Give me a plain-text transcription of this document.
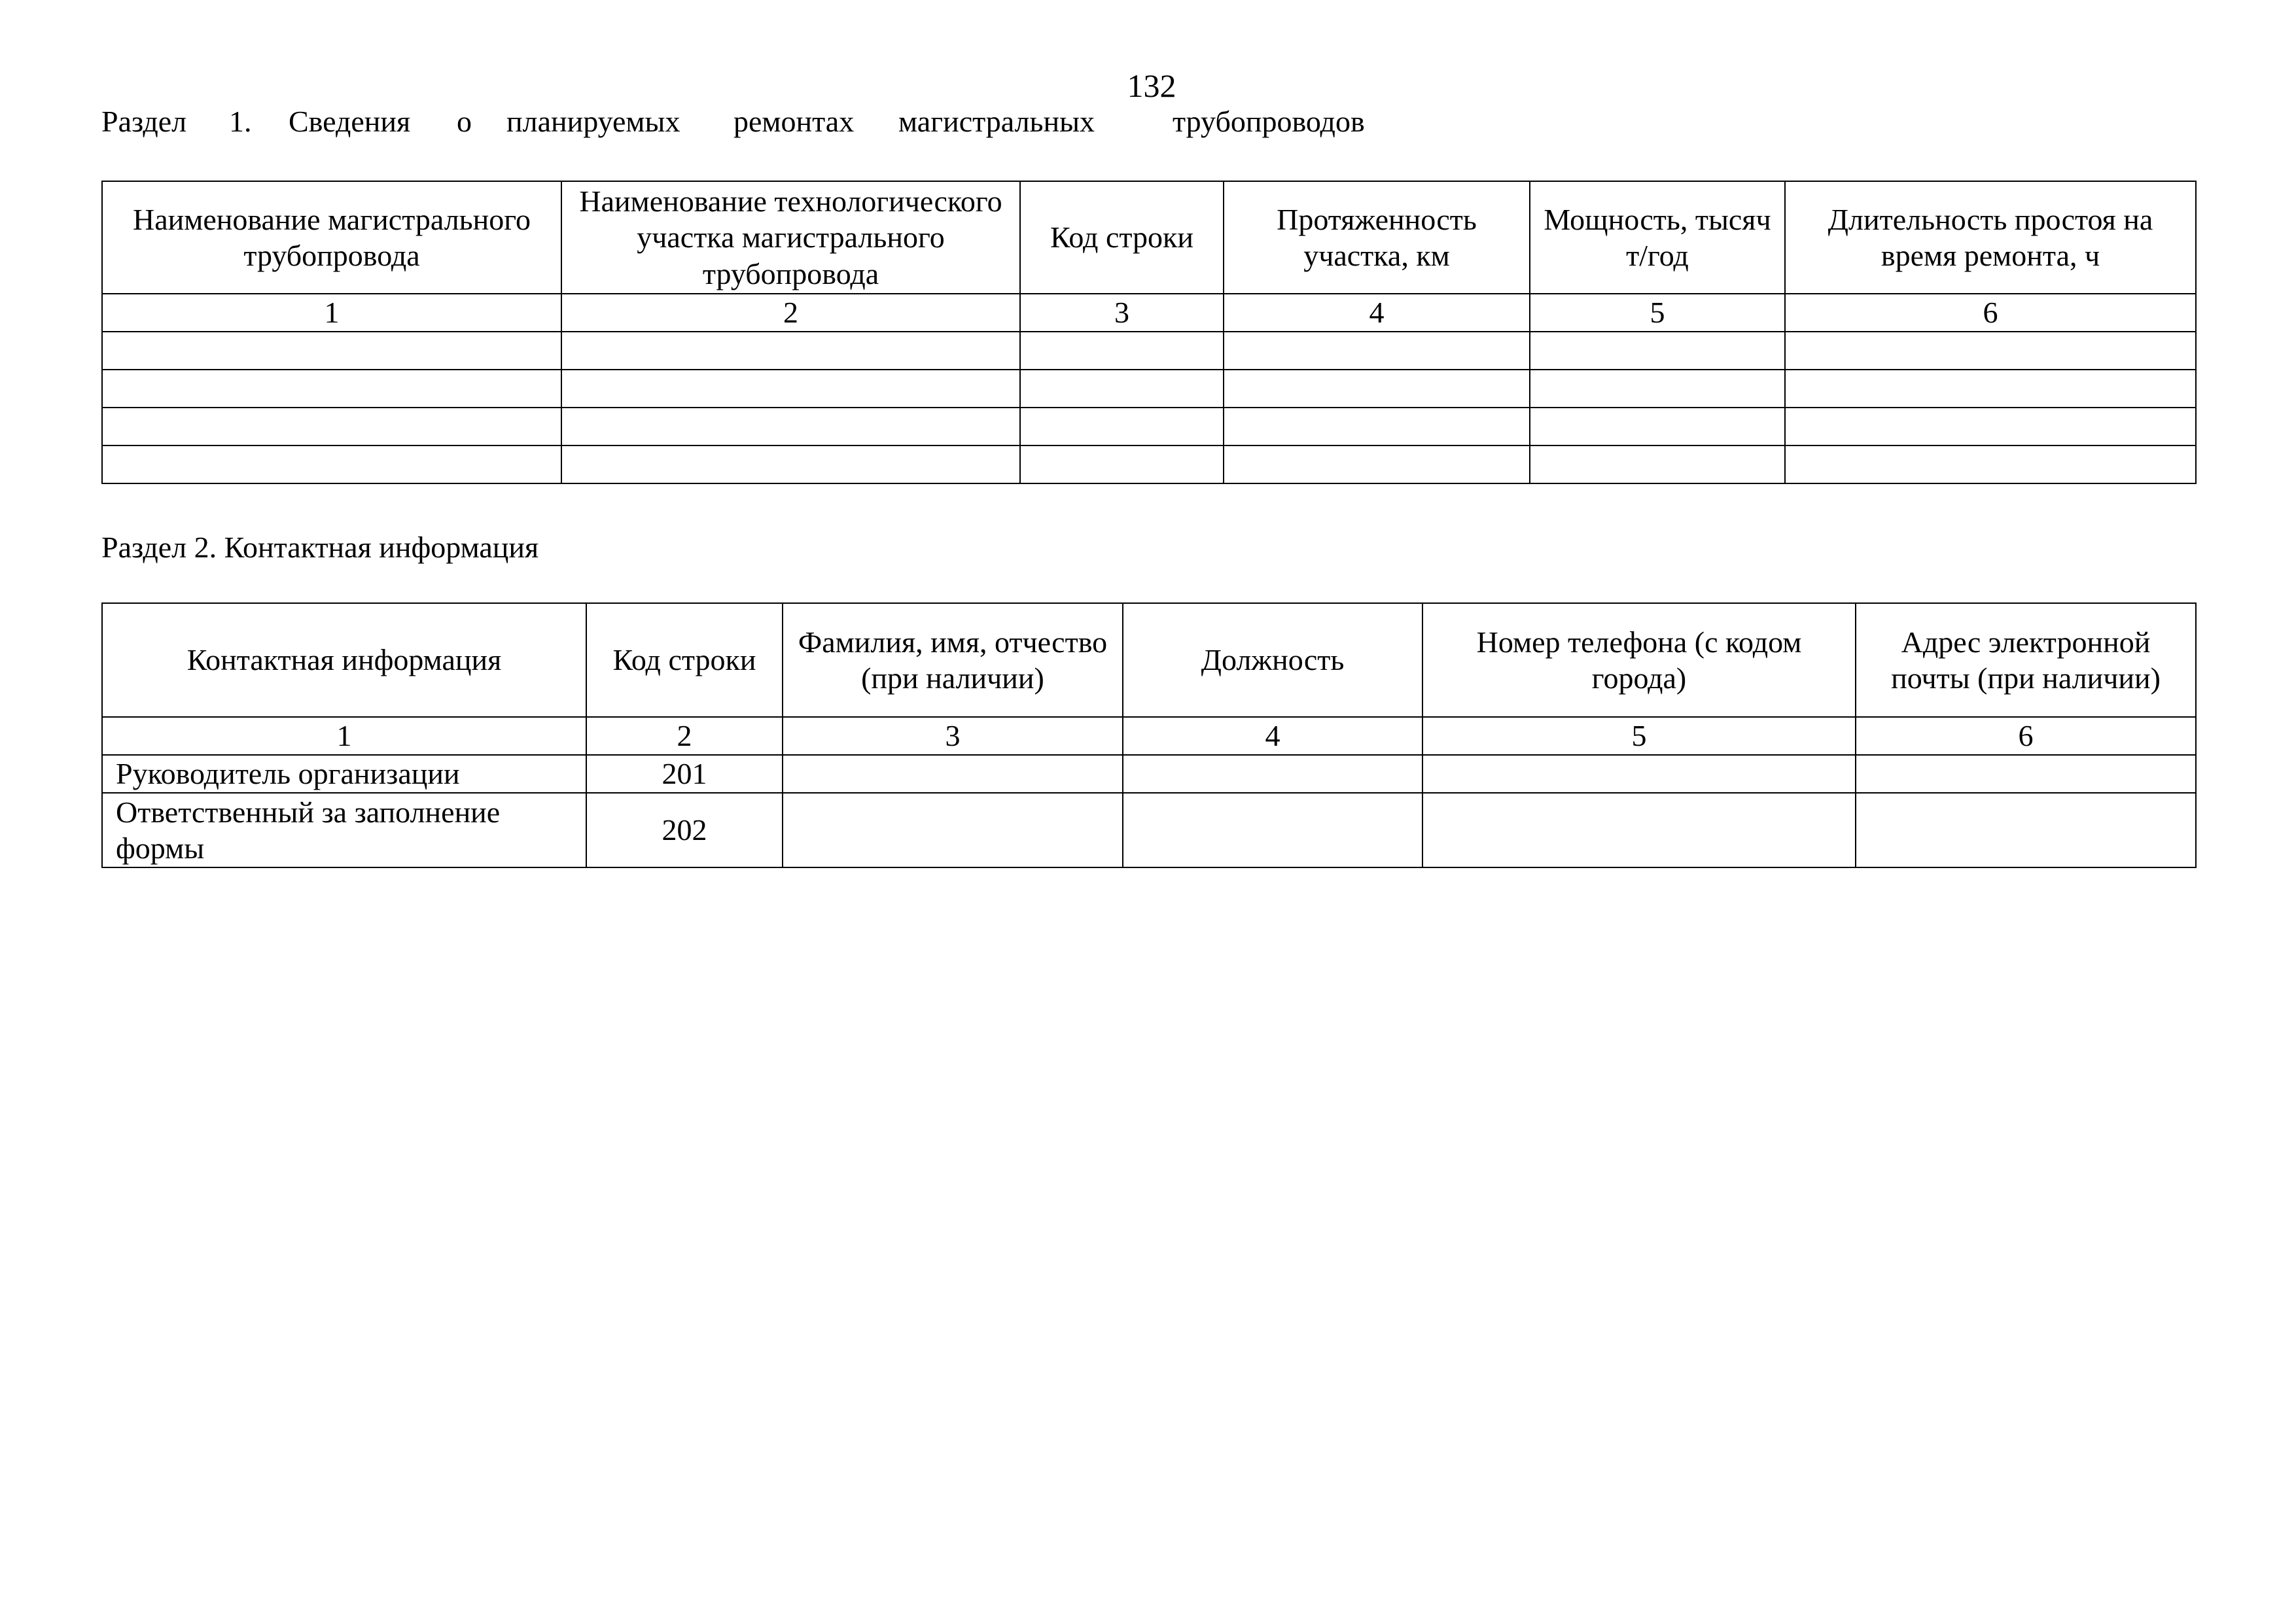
132
Раздел 1. Сведения о планируемых ремонтах магистральных	трубопроводов
Наименование магистрального трубопровода	Наименование технологического участка магистрального трубопровода	Код строки	Протяженность участка, км	Мощность, тысяч т/год	Длительность простоя на время ремонта, ч
1	2	3	4	5	6

Раздел 2. Контактная информация
Контактная информация	Код строки	Фамилия, имя, отчество (при наличии)	Должность	Номер телефона (с кодом города)	Адрес электронной почты (при наличии)
1	2	3	4	5	6
Руководитель организации	201				
Ответственный за заполнение формы	202				
